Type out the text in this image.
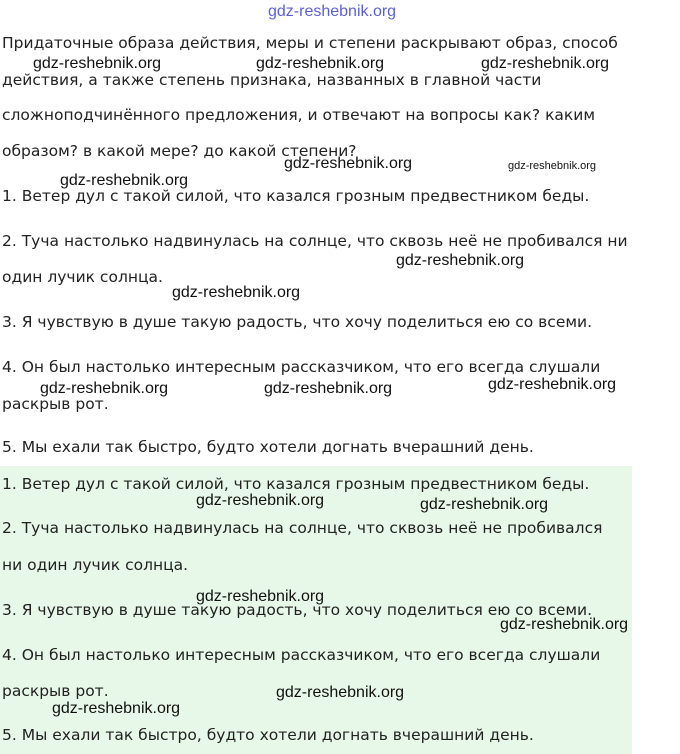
gdz-reshebnik.org

Придаточные образа действия, меры и степени раскрывают образ, способ

действия, а также степень признака, названных в главной части

сложноподчинённого предложения, и отвечают на вопросы как? каким

образом? в какой мере? до какой степени?

1. Ветер дул с такой силой, что казался грозным предвестником беды.

2. Туча настолько надвинулась на солнце, что сквозь неё не пробивался ни

один лучик солнца.

3. Я чувствую в душе такую радость, что хочу поделиться ею со всеми.

4. Он был настолько интересным рассказчиком, что его всегда слушали

раскрыв рот.

5. Мы ехали так быстро, будто хотели догнать вчерашний день.

1. Ветер дул с такой силой, что казался грозным предвестником беды.

2. Туча настолько надвинулась на солнце, что сквозь неё не пробивался

ни один лучик солнца.

3. Я чувствую в душе такую радость, что хочу поделиться ею со всеми.

4. Он был настолько интересным рассказчиком, что его всегда слушали

раскрыв рот.

5. Мы ехали так быстро, будто хотели догнать вчерашний день.

gdz-reshebnik.org	gdz-reshebnik.org	gdz-reshebnik.org
gdz-reshebnik.org	gdz-reshebnik.org
gdz-reshebnik.org
gdz-reshebnik.org
gdz-reshebnik.org
gdz-reshebnik.org	gdz-reshebnik.org	gdz-reshebnik.org
gdz-reshebnik.org	gdz-reshebnik.org
gdz-reshebnik.org
gdz-reshebnik.org
gdz-reshebnik.org
gdz-reshebnik.org
